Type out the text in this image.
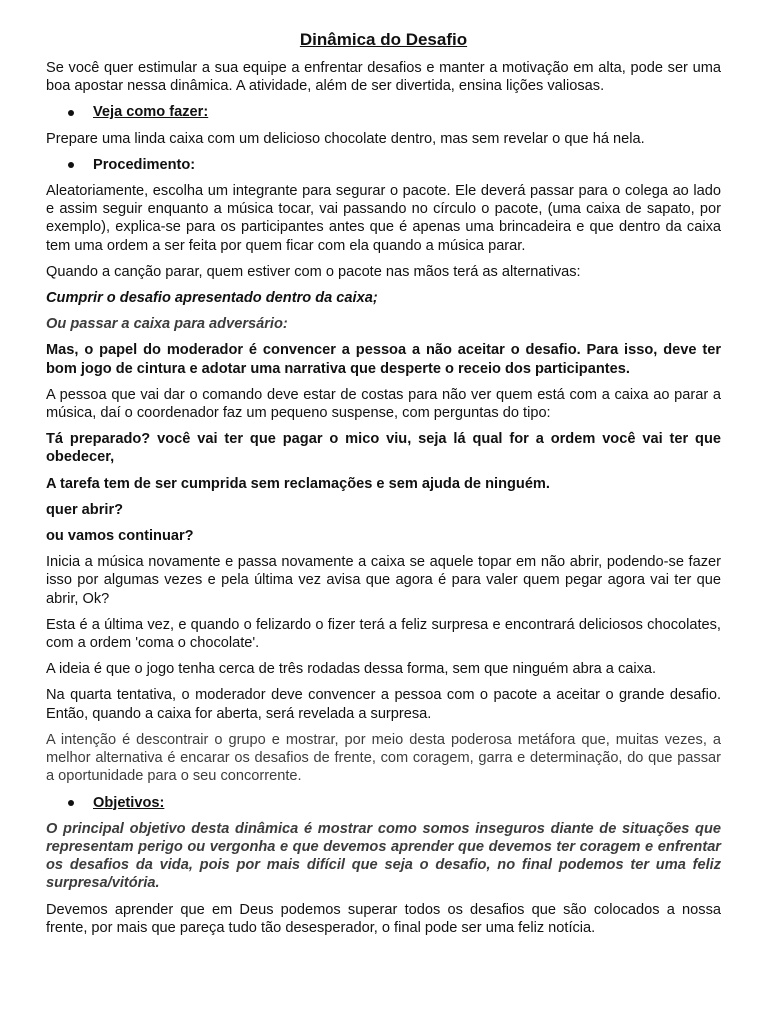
Dinâmica do Desafio

Se você quer estimular a sua equipe a enfrentar desafios e manter a motivação em alta, pode ser uma boa apostar nessa dinâmica. A atividade, além de ser divertida, ensina lições valiosas.

Veja como fazer:

Prepare uma linda caixa com um delicioso chocolate dentro, mas sem revelar o que há nela.

Procedimento:

Aleatoriamente, escolha um integrante para segurar o pacote. Ele deverá passar para o colega ao lado e assim seguir enquanto a música tocar, vai passando no círculo o pacote, (uma caixa de sapato, por exemplo), explica-se para os participantes antes que é apenas uma brincadeira e que dentro da caixa tem uma ordem a ser feita por quem ficar com ela quando a música parar.

Quando a canção parar, quem estiver com o pacote nas mãos terá as alternativas:

Cumprir o desafio apresentado dentro da caixa;

Ou passar a caixa para adversário:

Mas, o papel do moderador é convencer a pessoa a não aceitar o desafio. Para isso, deve ter bom jogo de cintura e adotar uma narrativa que desperte o receio dos participantes.

A pessoa que vai dar o comando deve estar de costas para não ver quem está com a caixa ao parar a música, daí o coordenador faz um pequeno suspense, com perguntas do tipo:

Tá preparado? você vai ter que pagar o mico viu, seja lá qual for a ordem você vai ter que obedecer,

A tarefa tem de ser cumprida sem reclamações e sem ajuda de ninguém.

quer abrir?

ou vamos continuar?

Inicia a música novamente e passa novamente a caixa se aquele topar em não abrir, podendo-se fazer isso por algumas vezes e pela última vez avisa que agora é para valer quem pegar agora vai ter que abrir, Ok?

Esta é a última vez, e quando o felizardo o fizer terá a feliz surpresa e encontrará deliciosos chocolates, com a ordem 'coma o chocolate'.

A ideia é que o jogo tenha cerca de três rodadas dessa forma, sem que ninguém abra a caixa.

Na quarta tentativa, o moderador deve convencer a pessoa com o pacote a aceitar o grande desafio. Então, quando a caixa for aberta, será revelada a surpresa.

A intenção é descontrair o grupo e mostrar, por meio desta poderosa metáfora que, muitas vezes, a melhor alternativa é encarar os desafios de frente, com coragem, garra e determinação, do que passar a oportunidade para o seu concorrente.

Objetivos:

O principal objetivo desta dinâmica é mostrar como somos inseguros diante de situações que representam perigo ou vergonha e que devemos aprender que devemos ter coragem e enfrentar os desafios da vida, pois por mais difícil que seja o desafio, no final podemos ter uma feliz surpresa/vitória.

Devemos aprender que em Deus podemos superar todos os desafios que são colocados a nossa frente, por mais que pareça tudo tão desesperador, o final pode ser uma feliz notícia.
